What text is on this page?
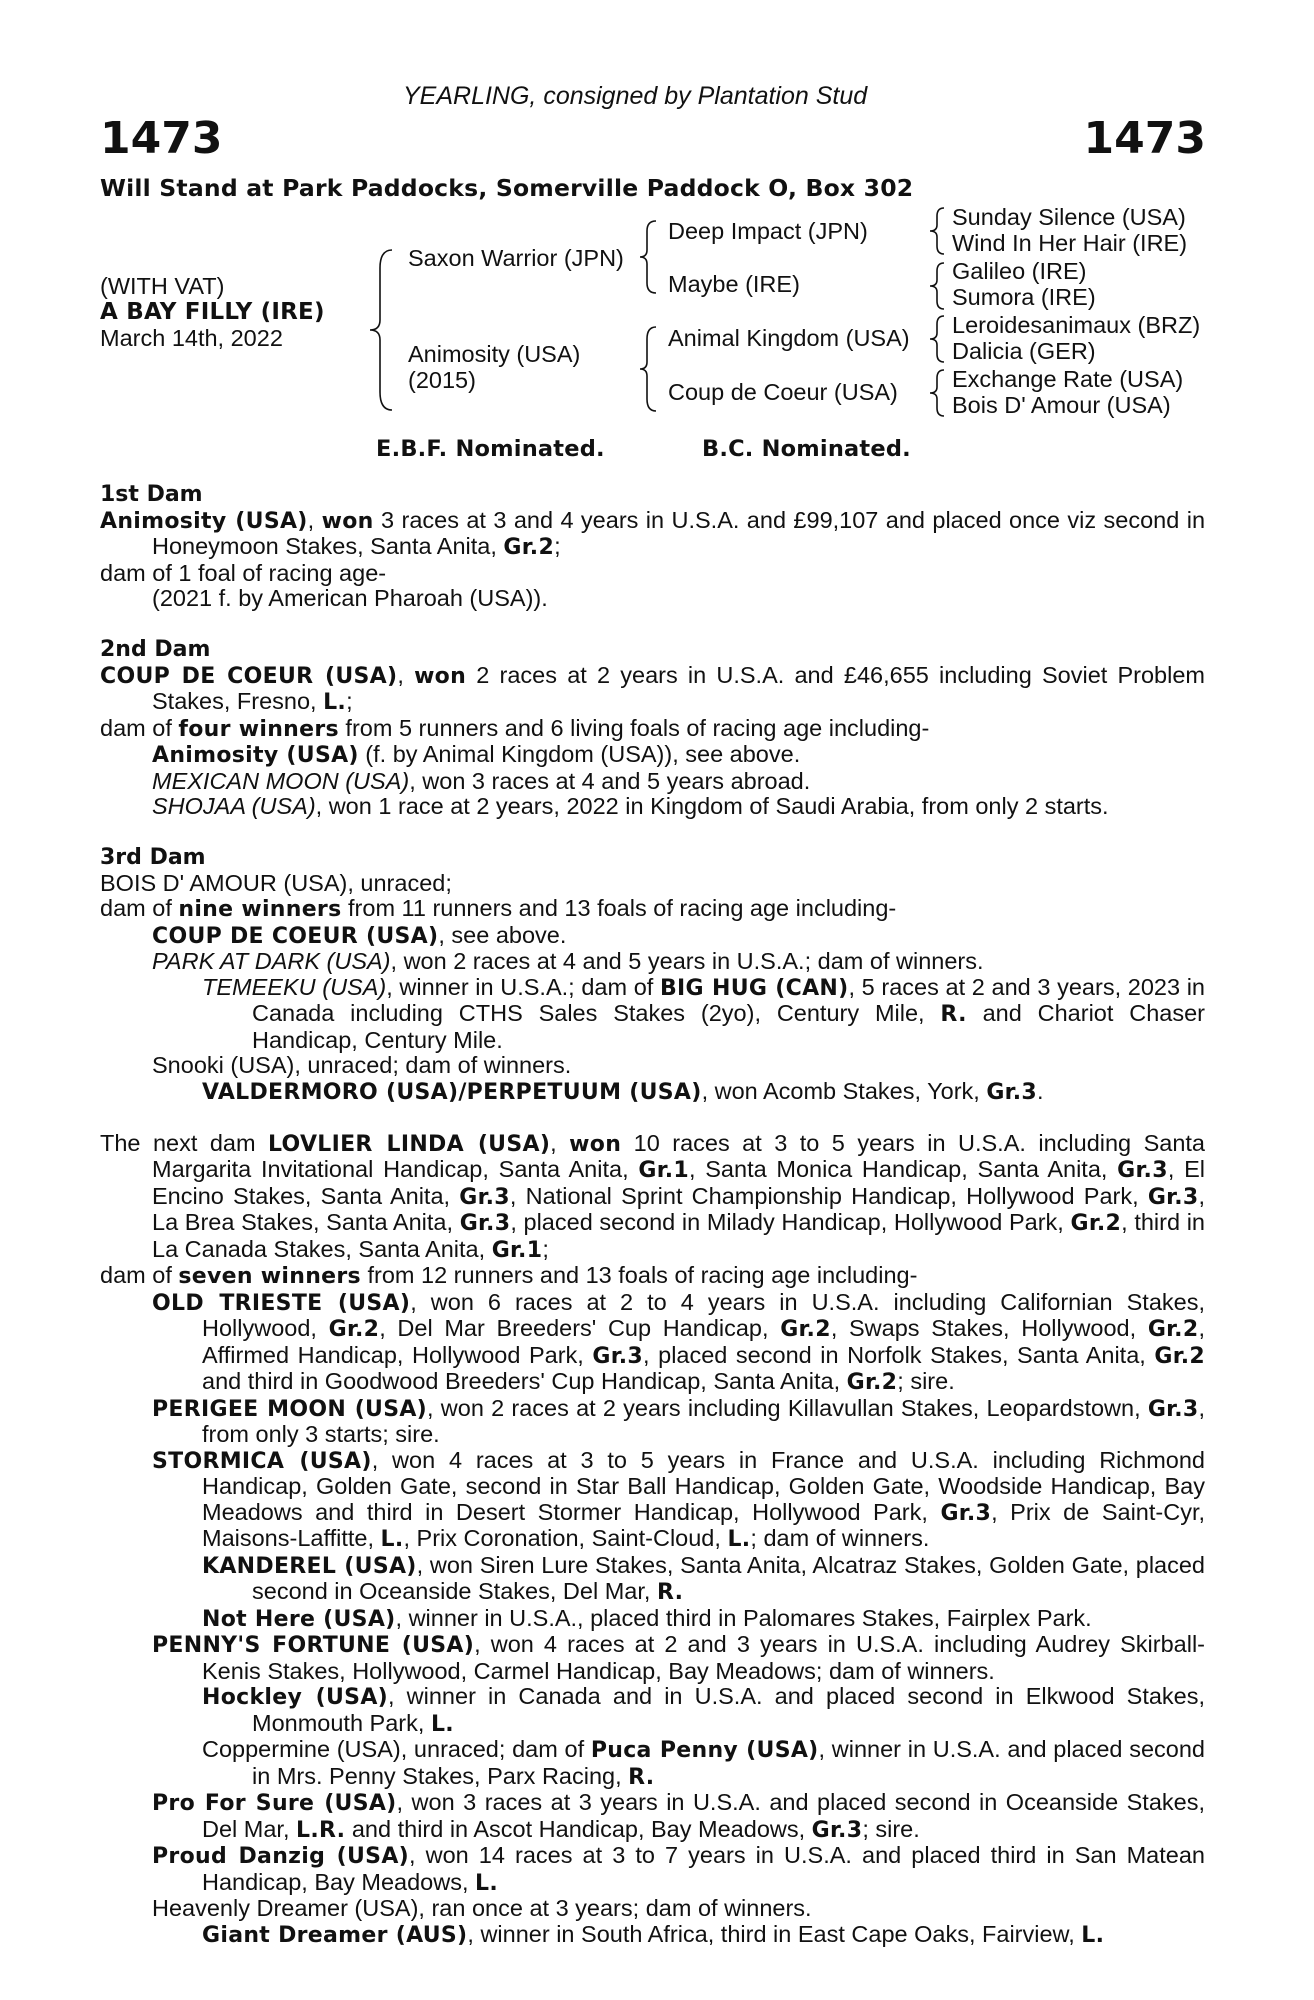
YEARLING, consigned by Plantation Stud
1473	1473
Will Stand at Park Paddocks, Somerville Paddock O, Box 302
(WITH VAT)
A BAY FILLY (IRE)
March 14th, 2022
Saxon Warrior (JPN)
Animosity (USA)
(2015)
Deep Impact (JPN)
Maybe (IRE)
Animal Kingdom (USA)
Coup de Coeur (USA)
Sunday Silence (USA)
Wind In Her Hair (IRE)
Galileo (IRE)
Sumora (IRE)
Leroidesanimaux (BRZ)
Dalicia (GER)
Exchange Rate (USA)
Bois D' Amour (USA)
E.B.F. Nominated.	B.C. Nominated.
1st Dam
Animosity (USA), won 3 races at 3 and 4 years in U.S.A. and £99,107 and placed once viz second in Honeymoon Stakes, Santa Anita, Gr.2;
dam of 1 foal of racing age-
(2021 f. by American Pharoah (USA)).
2nd Dam
COUP DE COEUR (USA), won 2 races at 2 years in U.S.A. and £46,655 including Soviet Problem Stakes, Fresno, L.;
dam of four winners from 5 runners and 6 living foals of racing age including-
Animosity (USA) (f. by Animal Kingdom (USA)), see above.
MEXICAN MOON (USA), won 3 races at 4 and 5 years abroad.
SHOJAA (USA), won 1 race at 2 years, 2022 in Kingdom of Saudi Arabia, from only 2 starts.
3rd Dam
BOIS D' AMOUR (USA), unraced;
dam of nine winners from 11 runners and 13 foals of racing age including-
COUP DE COEUR (USA), see above.
PARK AT DARK (USA), won 2 races at 4 and 5 years in U.S.A.; dam of winners.
TEMEEKU (USA), winner in U.S.A.; dam of BIG HUG (CAN), 5 races at 2 and 3 years, 2023 in Canada including CTHS Sales Stakes (2yo), Century Mile, R. and Chariot Chaser Handicap, Century Mile.
Snooki (USA), unraced; dam of winners.
VALDERMORO (USA)/PERPETUUM (USA), won Acomb Stakes, York, Gr.3.
The next dam LOVLIER LINDA (USA), won 10 races at 3 to 5 years in U.S.A. including Santa Margarita Invitational Handicap, Santa Anita, Gr.1, Santa Monica Handicap, Santa Anita, Gr.3, El Encino Stakes, Santa Anita, Gr.3, National Sprint Championship Handicap, Hollywood Park, Gr.3, La Brea Stakes, Santa Anita, Gr.3, placed second in Milady Handicap, Hollywood Park, Gr.2, third in La Canada Stakes, Santa Anita, Gr.1;
dam of seven winners from 12 runners and 13 foals of racing age including-
OLD TRIESTE (USA), won 6 races at 2 to 4 years in U.S.A. including Californian Stakes, Hollywood, Gr.2, Del Mar Breeders' Cup Handicap, Gr.2, Swaps Stakes, Hollywood, Gr.2, Affirmed Handicap, Hollywood Park, Gr.3, placed second in Norfolk Stakes, Santa Anita, Gr.2 and third in Goodwood Breeders' Cup Handicap, Santa Anita, Gr.2; sire.
PERIGEE MOON (USA), won 2 races at 2 years including Killavullan Stakes, Leopardstown, Gr.3, from only 3 starts; sire.
STORMICA (USA), won 4 races at 3 to 5 years in France and U.S.A. including Richmond Handicap, Golden Gate, second in Star Ball Handicap, Golden Gate, Woodside Handicap, Bay Meadows and third in Desert Stormer Handicap, Hollywood Park, Gr.3, Prix de Saint-Cyr, Maisons-Laffitte, L., Prix Coronation, Saint-Cloud, L.; dam of winners.
KANDEREL (USA), won Siren Lure Stakes, Santa Anita, Alcatraz Stakes, Golden Gate, placed second in Oceanside Stakes, Del Mar, R.
Not Here (USA), winner in U.S.A., placed third in Palomares Stakes, Fairplex Park.
PENNY'S FORTUNE (USA), won 4 races at 2 and 3 years in U.S.A. including Audrey Skirball-Kenis Stakes, Hollywood, Carmel Handicap, Bay Meadows; dam of winners.
Hockley (USA), winner in Canada and in U.S.A. and placed second in Elkwood Stakes, Monmouth Park, L.
Coppermine (USA), unraced; dam of Puca Penny (USA), winner in U.S.A. and placed second in Mrs. Penny Stakes, Parx Racing, R.
Pro For Sure (USA), won 3 races at 3 years in U.S.A. and placed second in Oceanside Stakes, Del Mar, L.R. and third in Ascot Handicap, Bay Meadows, Gr.3; sire.
Proud Danzig (USA), won 14 races at 3 to 7 years in U.S.A. and placed third in San Matean Handicap, Bay Meadows, L.
Heavenly Dreamer (USA), ran once at 3 years; dam of winners.
Giant Dreamer (AUS), winner in South Africa, third in East Cape Oaks, Fairview, L.
